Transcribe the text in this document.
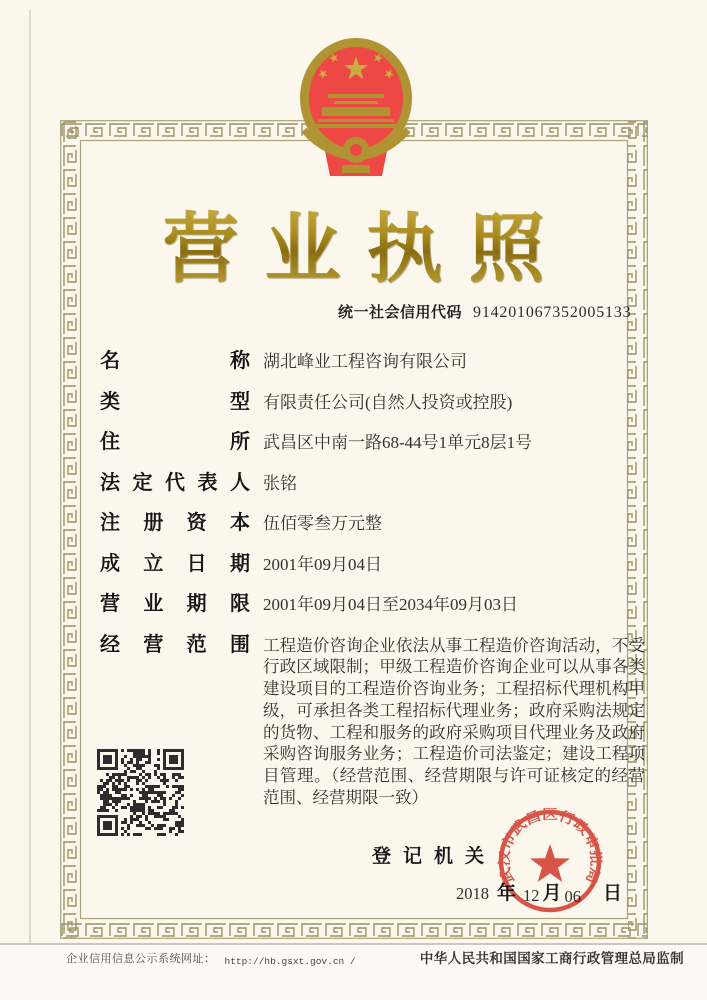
营业执照
统一社会信用代码 914201067352005133
名称 湖北峰业工程咨询有限公司
类型 有限责任公司(自然人投资或控股)
住所 武昌区中南一路68-44号1单元8层1号
法定代表人 张铭
注册资本 伍佰零叁万元整
成立日期 2001年09月04日
营业期限 2001年09月04日至2034年09月03日
经营范围 工程造价咨询企业依法从事工程造价咨询活动，不受行政区域限制；甲级工程造价咨询企业可以从事各类建设项目的工程造价咨询业务；工程招标代理机构甲级，可承担各类工程招标代理业务；政府采购法规定的货物、工程和服务的政府采购项目代理业务及政府采购咨询服务业务；工程造价司法鉴定；建设工程项目管理。（经营范围、经营期限与许可证核定的经营范围、经营期限一致）
登记机关
2018 年 12 月 06 日
武汉市武昌区行政审批局
企业信用信息公示系统网址： http://hb.gsxt.gov.cn /	中华人民共和国国家工商行政管理总局监制
